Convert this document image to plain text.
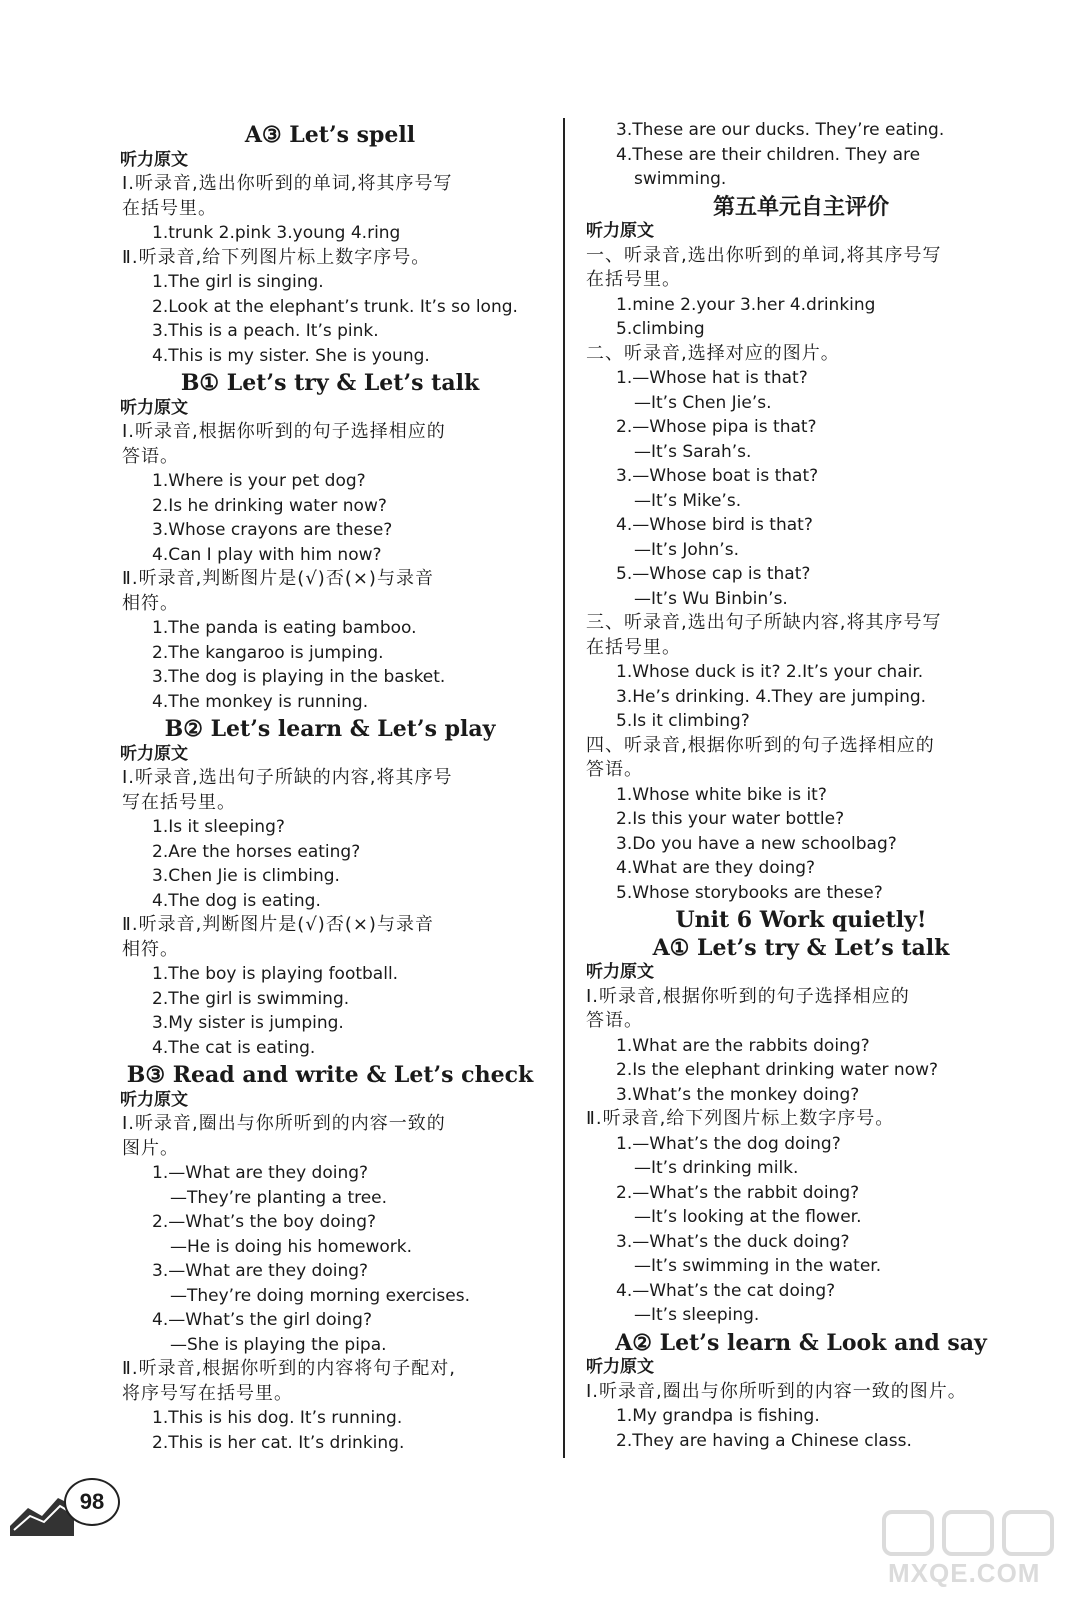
A③ Let’s spell
听力原文
Ⅰ.听录音,选出你听到的单词,将其序号写
在括号里。
1.trunk 2.pink 3.young 4.ring
Ⅱ.听录音,给下列图片标上数字序号。
1.The girl is singing.
2.Look at the elephant’s trunk. It’s so long.
3.This is a peach. It’s pink.
4.This is my sister. She is young.
B① Let’s try & Let’s talk
听力原文
Ⅰ.听录音,根据你听到的句子选择相应的
答语。
1.Where is your pet dog?
2.Is he drinking water now?
3.Whose crayons are these?
4.Can I play with him now?
Ⅱ.听录音,判断图片是(√)否(×)与录音
相符。
1.The panda is eating bamboo.
2.The kangaroo is jumping.
3.The dog is playing in the basket.
4.The monkey is running.
B② Let’s learn & Let’s play
听力原文
Ⅰ.听录音,选出句子所缺的内容,将其序号
写在括号里。
1.Is it sleeping?
2.Are the horses eating?
3.Chen Jie is climbing.
4.The dog is eating.
Ⅱ.听录音,判断图片是(√)否(×)与录音
相符。
1.The boy is playing football.
2.The girl is swimming.
3.My sister is jumping.
4.The cat is eating.
B③ Read and write & Let’s check
听力原文
Ⅰ.听录音,圈出与你所听到的内容一致的
图片。
1.—What are they doing?
—They’re planting a tree.
2.—What’s the boy doing?
—He is doing his homework.
3.—What are they doing?
—They’re doing morning exercises.
4.—What’s the girl doing?
—She is playing the pipa.
Ⅱ.听录音,根据你听到的内容将句子配对,
将序号写在括号里。
1.This is his dog. It’s running.
2.This is her cat. It’s drinking.
3.These are our ducks. They’re eating.
4.These are their children. They are
swimming.
第五单元自主评价
听力原文
一、听录音,选出你听到的单词,将其序号写
在括号里。
1.mine 2.your 3.her 4.drinking
5.climbing
二、听录音,选择对应的图片。
1.—Whose hat is that?
—It’s Chen Jie’s.
2.—Whose pipa is that?
—It’s Sarah’s.
3.—Whose boat is that?
—It’s Mike’s.
4.—Whose bird is that?
—It’s John’s.
5.—Whose cap is that?
—It’s Wu Binbin’s.
三、听录音,选出句子所缺内容,将其序号写
在括号里。
1.Whose duck is it? 2.It’s your chair.
3.He’s drinking. 4.They are jumping.
5.Is it climbing?
四、听录音,根据你听到的句子选择相应的
答语。
1.Whose white bike is it?
2.Is this your water bottle?
3.Do you have a new schoolbag?
4.What are they doing?
5.Whose storybooks are these?
Unit 6 Work quietly!
A① Let’s try & Let’s talk
听力原文
Ⅰ.听录音,根据你听到的句子选择相应的
答语。
1.What are the rabbits doing?
2.Is the elephant drinking water now?
3.What’s the monkey doing?
Ⅱ.听录音,给下列图片标上数字序号。
1.—What’s the dog doing?
—It’s drinking milk.
2.—What’s the rabbit doing?
—It’s looking at the flower.
3.—What’s the duck doing?
—It’s swimming in the water.
4.—What’s the cat doing?
—It’s sleeping.
A② Let’s learn & Look and say
听力原文
Ⅰ.听录音,圈出与你所听到的内容一致的图片。
1.My grandpa is fishing.
2.They are having a Chinese class.
98
MXQE.COM
